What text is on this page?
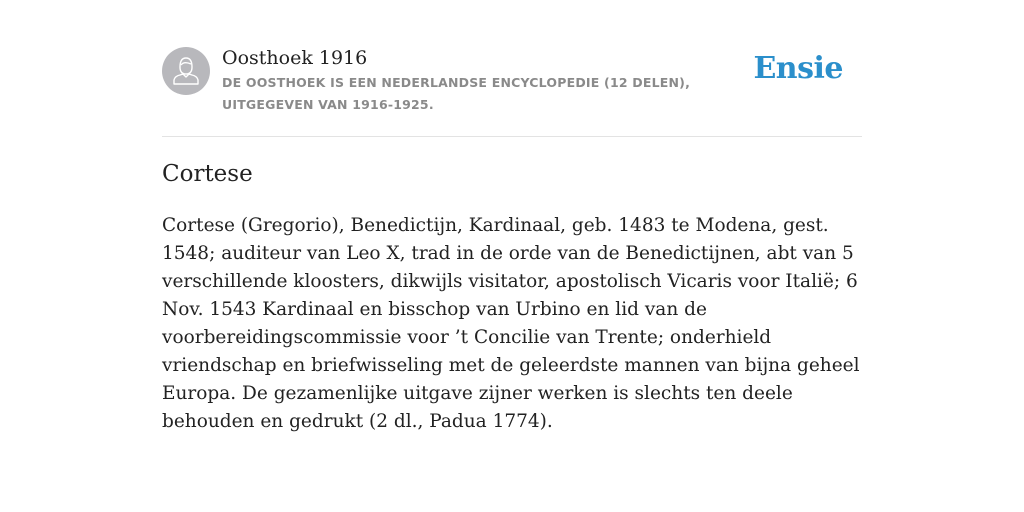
Oosthoek 1916
DE OOSTHOEK IS EEN NEDERLANDSE ENCYCLOPEDIE (12 DELEN), UITGEGEVEN VAN 1916-1925.
Ensie
Cortese

Cortese (Gregorio), Benedictijn, Kardinaal, geb. 1483 te Modena, gest. 1548; auditeur van Leo X, trad in de orde van de Benedictijnen, abt van 5 verschillende kloosters, dikwijls visitator, apostolisch Vicaris voor Italië; 6 Nov. 1543 Kardinaal en bisschop van Urbino en lid van de voorbereidingscommissie voor ’t Concilie van Trente; onderhield vriendschap en briefwisseling met de geleerdste mannen van bijna geheel Europa. De gezamenlijke uitgave zijner werken is slechts ten deele behouden en gedrukt (2 dl., Padua 1774).
